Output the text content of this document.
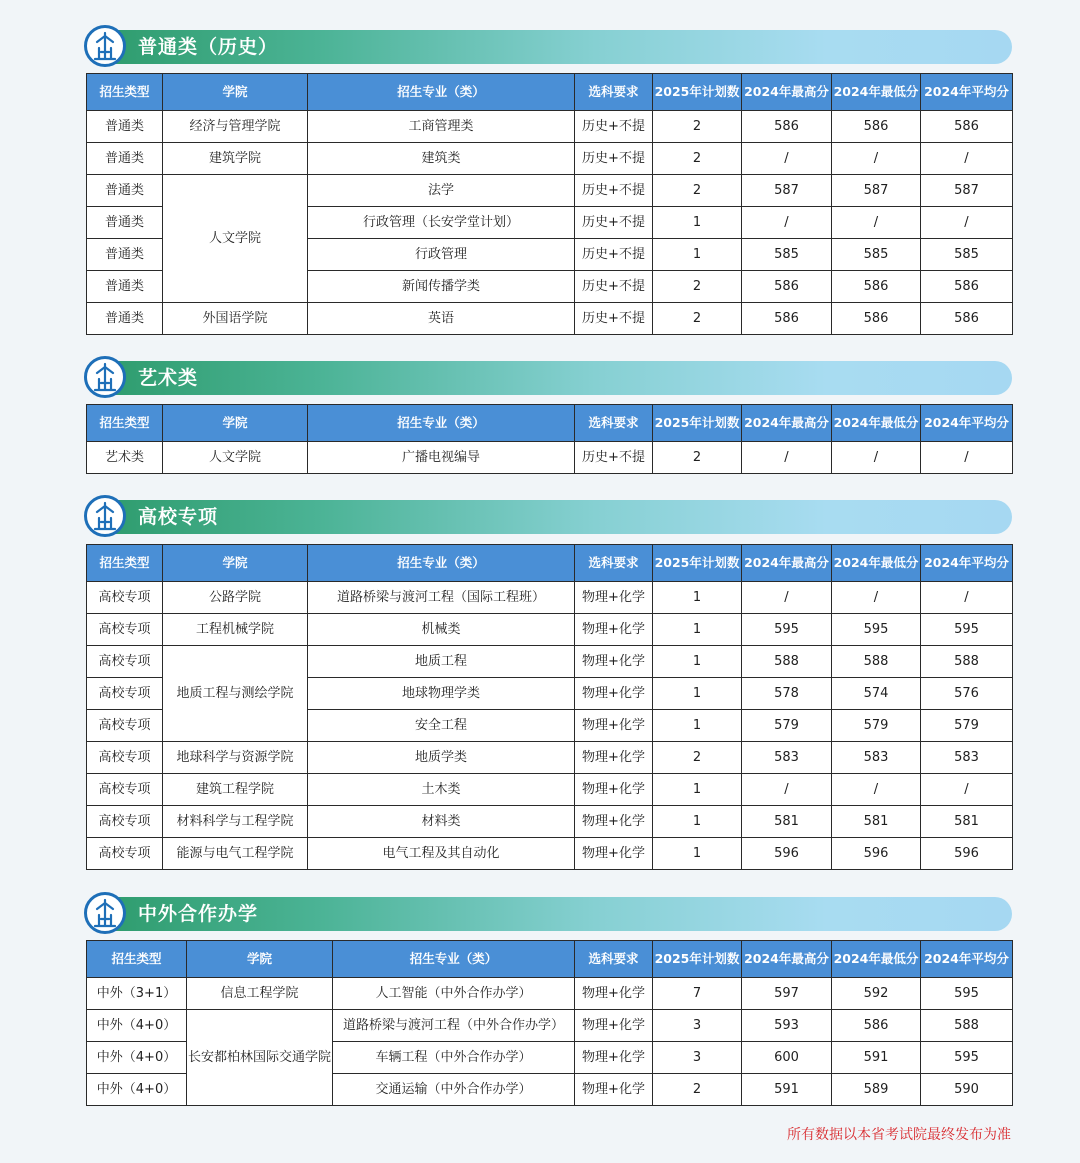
普通类（历史）
招生类型	学院	招生专业（类）	选科要求	2025年计划数	2024年最高分	2024年最低分	2024年平均分
普通类	经济与管理学院	工商管理类	历史+不提	2	586	586	586
普通类	建筑学院	建筑类	历史+不提	2	/	/	/
普通类	人文学院	法学	历史+不提	2	587	587	587
普通类		行政管理（长安学堂计划）	历史+不提	1	/	/	/
普通类		行政管理	历史+不提	1	585	585	585
普通类		新闻传播学类	历史+不提	2	586	586	586
普通类	外国语学院	英语	历史+不提	2	586	586	586
艺术类
招生类型	学院	招生专业（类）	选科要求	2025年计划数	2024年最高分	2024年最低分	2024年平均分
艺术类	人文学院	广播电视编导	历史+不提	2	/	/	/
高校专项
招生类型	学院	招生专业（类）	选科要求	2025年计划数	2024年最高分	2024年最低分	2024年平均分
高校专项	公路学院	道路桥梁与渡河工程（国际工程班）	物理+化学	1	/	/	/
高校专项	工程机械学院	机械类	物理+化学	1	595	595	595
高校专项	地质工程与测绘学院	地质工程	物理+化学	1	588	588	588
高校专项		地球物理学类	物理+化学	1	578	574	576
高校专项		安全工程	物理+化学	1	579	579	579
高校专项	地球科学与资源学院	地质学类	物理+化学	2	583	583	583
高校专项	建筑工程学院	土木类	物理+化学	1	/	/	/
高校专项	材料科学与工程学院	材料类	物理+化学	1	581	581	581
高校专项	能源与电气工程学院	电气工程及其自动化	物理+化学	1	596	596	596
中外合作办学
招生类型	学院	招生专业（类）	选科要求	2025年计划数	2024年最高分	2024年最低分	2024年平均分
中外（3+1）	信息工程学院	人工智能（中外合作办学）	物理+化学	7	597	592	595
中外（4+0）	长安都柏林国际交通学院	道路桥梁与渡河工程（中外合作办学）	物理+化学	3	593	586	588
中外（4+0）		车辆工程（中外合作办学）	物理+化学	3	600	591	595
中外（4+0）		交通运输（中外合作办学）	物理+化学	2	591	589	590
所有数据以本省考试院最终发布为准
